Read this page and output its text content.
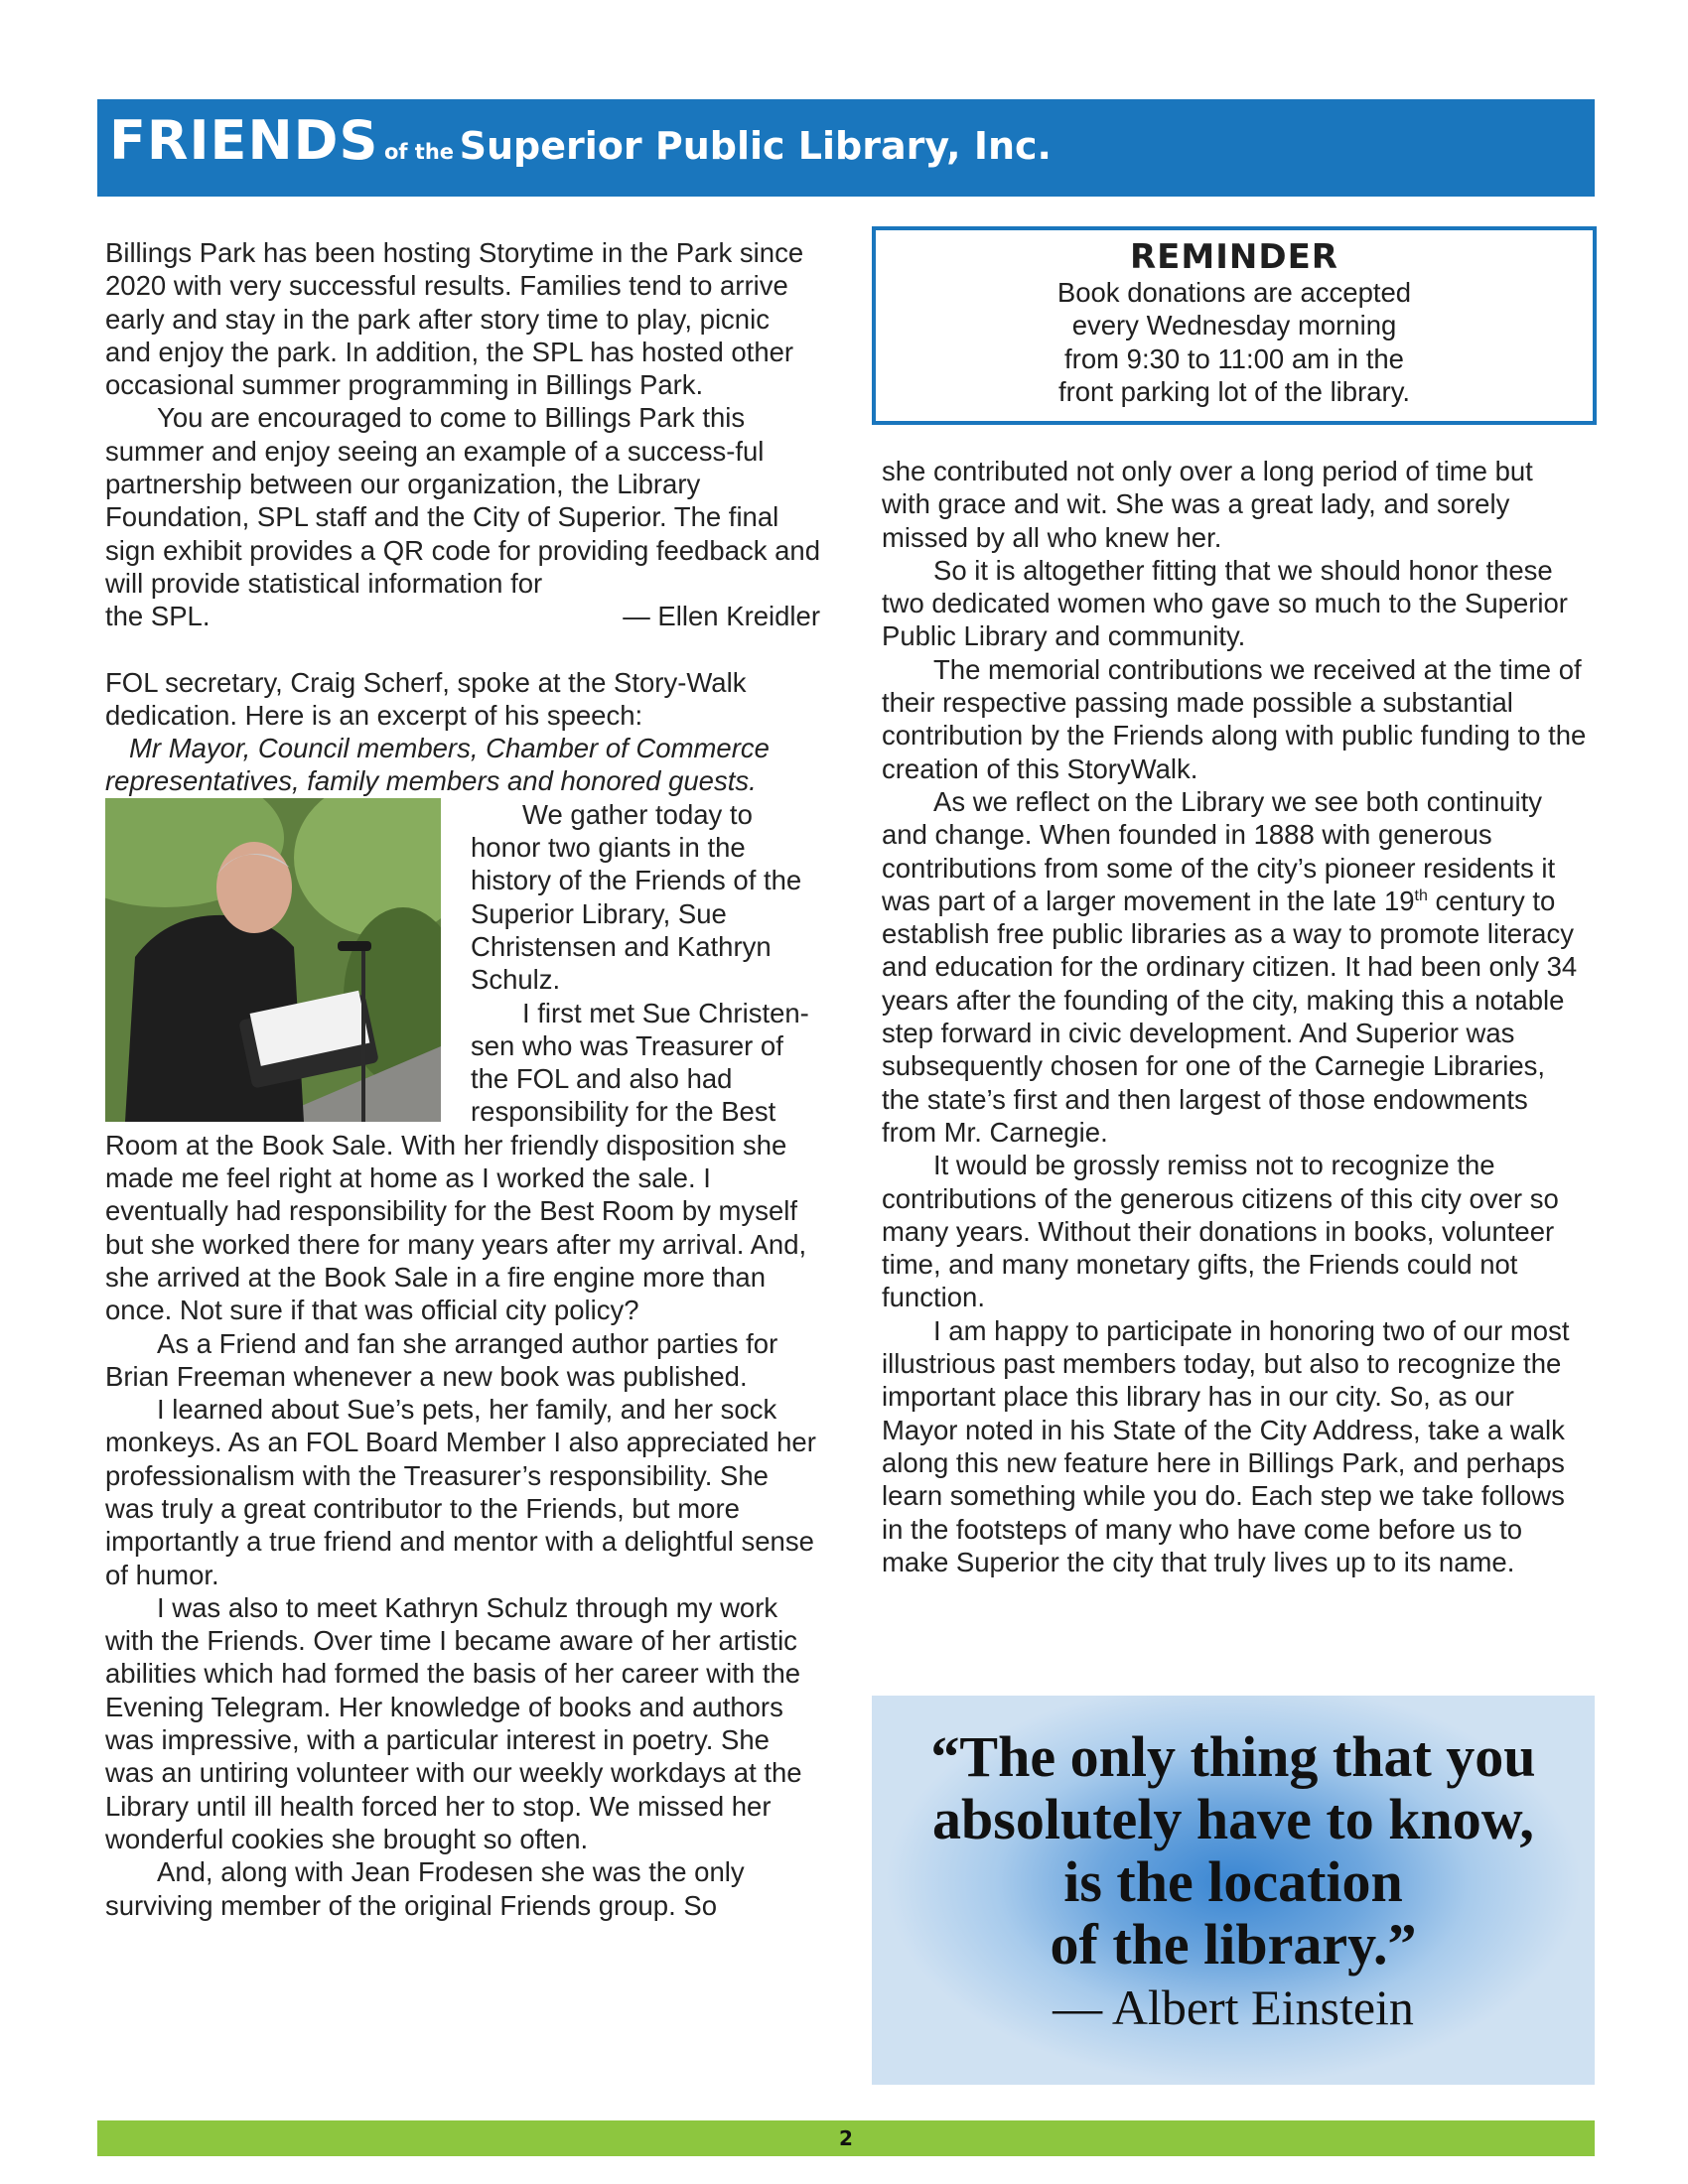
FRIENDS of the Superior Public Library, Inc.

Billings Park has been hosting Storytime in the Park since 2020 with very successful results. Families tend to arrive early and stay in the park after story time to play, picnic and enjoy the park. In addition, the SPL has hosted other occasional summer programming in Billings Park.

You are encouraged to come to Billings Park this summer and enjoy seeing an example of a success-ful partnership between our organization, the Library Foundation, SPL staff and the City of Superior. The final sign exhibit provides a QR code for providing feedback and will provide statistical information for

the SPL.	— Ellen Kreidler

FOL secretary, Craig Scherf, spoke at the Story-Walk dedication. Here is an excerpt of his speech:

Mr Mayor, Council members, Chamber of Commerce representatives, family members and honored guests.

We gather today to honor two giants in the history of the Friends of the Superior Library, Sue Christensen and Kathryn Schulz.

I first met Sue Christen-sen who was Treasurer of the FOL and also had responsibility for the Best Room at the Book Sale. With her friendly disposition she made me feel right at home as I worked the sale. I eventually had responsibility for the Best Room by myself but she worked there for many years after my arrival. And, she arrived at the Book Sale in a fire engine more than once. Not sure if that was official city policy?

As a Friend and fan she arranged author parties for Brian Freeman whenever a new book was published.

I learned about Sue’s pets, her family, and her sock monkeys. As an FOL Board Member I also appreciated her professionalism with the Treasurer’s responsibility. She was truly a great contributor to the Friends, but more importantly a true friend and mentor with a delightful sense of humor.

I was also to meet Kathryn Schulz through my work with the Friends. Over time I became aware of her artistic abilities which had formed the basis of her career with the Evening Telegram. Her knowledge of books and authors was impressive, with a particular interest in poetry. She was an untiring volunteer with our weekly workdays at the Library until ill health forced her to stop. We missed her wonderful cookies she brought so often.

And, along with Jean Frodesen she was the only surviving member of the original Friends group. So

REMINDER
Book donations are accepted
every Wednesday morning
from 9:30 to 11:00 am in the
front parking lot of the library.

she contributed not only over a long period of time but with grace and wit. She was a great lady, and sorely missed by all who knew her.

So it is altogether fitting that we should honor these two dedicated women who gave so much to the Superior Public Library and community.

The memorial contributions we received at the time of their respective passing made possible a substantial contribution by the Friends along with public funding to the creation of this StoryWalk.

As we reflect on the Library we see both continuity and change. When founded in 1888 with generous contributions from some of the city’s pioneer residents it was part of a larger movement in the late 19th century to establish free public libraries as a way to promote literacy and education for the ordinary citizen. It had been only 34 years after the founding of the city, making this a notable step forward in civic development. And Superior was subsequently chosen for one of the Carnegie Libraries, the state’s first and then largest of those endowments from Mr. Carnegie.

It would be grossly remiss not to recognize the contributions of the generous citizens of this city over so many years. Without their donations in books, volunteer time, and many monetary gifts, the Friends could not function.

I am happy to participate in honoring two of our most illustrious past members today, but also to recognize the important place this library has in our city. So, as our Mayor noted in his State of the City Address, take a walk along this new feature here in Billings Park, and perhaps learn something while you do. Each step we take follows in the footsteps of many who have come before us to make Superior the city that truly lives up to its name.

“The only thing that you
absolutely have to know,
is the location
of the library.”
— Albert Einstein
2
